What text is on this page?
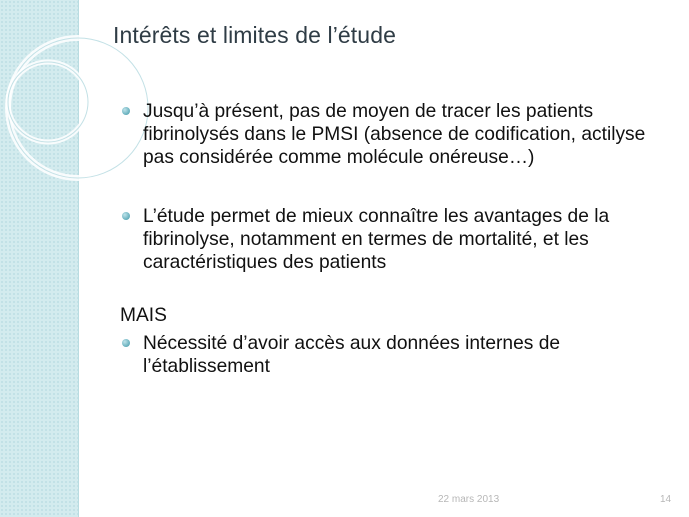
Intérêts et limites de l’étude
Jusqu’à présent, pas de moyen de tracer les patients fibrinolysés dans le PMSI (absence de codification, actilyse pas considérée comme molécule onéreuse…)
L’étude permet de mieux connaître les avantages de la fibrinolyse, notamment en termes de mortalité, et les caractéristiques des patients
MAIS
Nécessité d’avoir accès aux données internes de l’établissement
22 mars 2013	14
